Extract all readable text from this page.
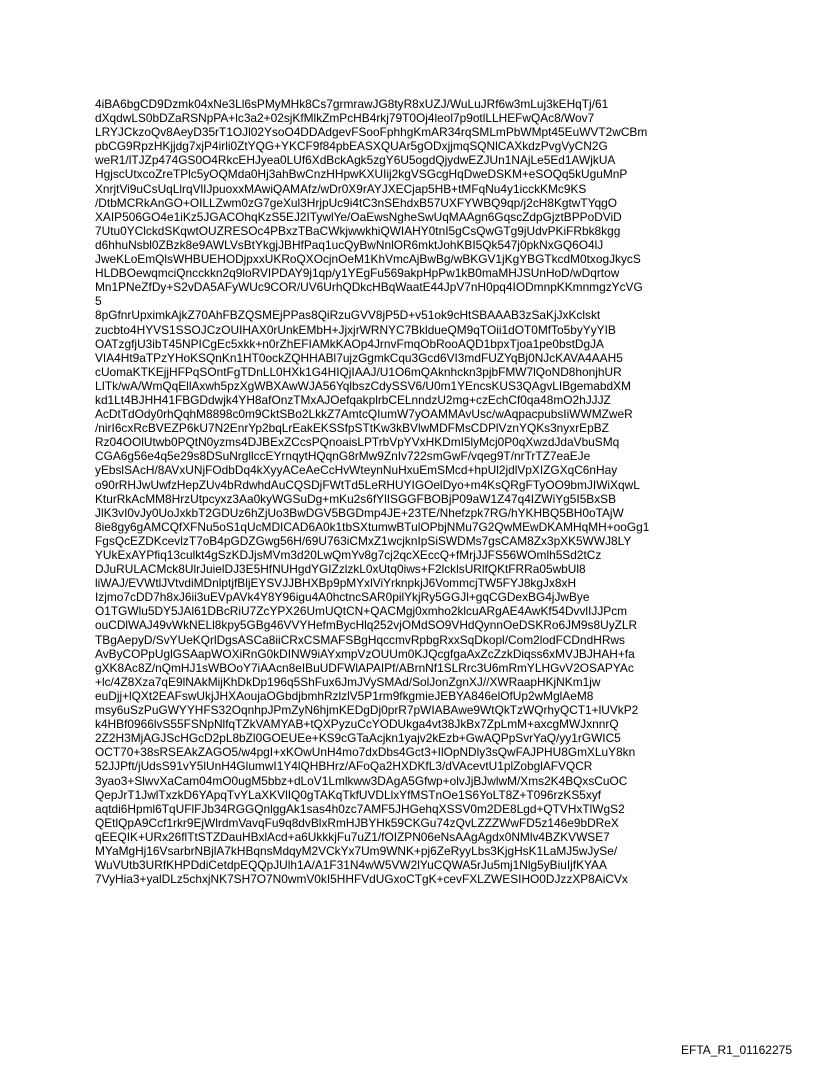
4iBA6bgCD9Dzmk04xNe3Ll6sPMyMHk8Cs7grmrawJG8tyR8xUZJ/WuLuJRf6w3mLuj3kEHqTj/61
dXqdwLS0bDZaRSNpPA+lc3a2+02sjKfMlkZmPcHB4rkj79T0Oj4leol7p9otlLLHEFwQAc8/Wov7
LRYJCkzoQv8AeyD35rT1OJl02YsoO4DDAdgevFSooFphhgKmAR34rqSMLmPbWMpt45EuWVT2wCBm
pbCG9RpzHKjjdg7xjP4irli0ZtYQG+YKCF9f84pbEASXQUAr5gODxjjmqSQNlCAXkdzPvgVyCN2G
weR1/lTJZp474GS0O4RkcEHJyea0LUf6XdBckAgk5zgY6U5ogdQjydwEZJUn1NAjLe5Ed1AWjkUA
HgjscUtxcoZreTPlc5yOQMda0Hj3ahBwCnzHHpwKXUIij2kgVSGcgHqDweDSKM+eSOQq5kUguMnP
XnrjtVi9uCsUqLlrqVlIJpuoxxMAwiQAMAfz/wDr0X9rAYJXECjap5HB+tMFqNu4y1icckKMc9KS
/DtbMCRkAnGO+OILLZwm0zG7geXul3HrjpUc9i4tC3nSEhdxB57UXFYWBQ9qp/j2cH8KgtwTYqgO
XAIP506GO4e1iKz5JGACOhqKzS5EJ2ITywlYe/OaEwsNgheSwUqMAAgn6GqscZdpGjztBPPoDViD
7Utu0YClckdSKqwtOUZRESOc4PBxzTBaCWkjwwkhiQWIAHY0tnI5gCsQwGTg9jUdvPKiFRbk8kgg
d6hhuNsbl0ZBzk8e9AWLVsBtYkgjJBHfPaq1ucQyBwNnlOR6mktJohKBI5Qk547j0pkNxGQ6O4lJ
JweKLoEmQlsWHBUEHODjpxxUKRoQXOcjnOeM1KhVmcAjBwBg/wBKGV1jKgYBGTkcdM0txogJkycS
HLDBOewqmciQncckkn2q9loRVIPDAY9j1qp/y1YEgFu569akpHpPw1kB0maMHJSUnHoD/wDqrtow
Mn1PNeZfDy+S2vDA5AFyWUc9COR/UV6UrhQDkcHBqWaatE44JpV7nH0pq4IODmnpKKmnmgzYcVG
5
8pGfnrUpximkAjkZ70AhFBZQSMEjPPas8QiRzuGVV8jP5D+v51ok9cHtSBAAAB3zSaKjJxKclskt
zucbto4HYVS1SSOJCzOUIHAX0rUnkEMbH+JjxjrWRNYC7BkldueQM9qTOii1dOT0MfTo5byYyYIB
OATzgfjU3ibT45NPICgEc5xkk+n0rZhEFIAMkKAOp4JrnvFmqObRooAQD1bpxTjoa1pe0bstDgJA
VIA4Ht9aTPzYHoKSQnKn1HT0ockZQHHABl7ujzGgmkCqu3Gcd6VI3mdFUZYqBj0NJcKAVA4AAH5
cUomaKTKEjjHFPqSOntFgTDnLL0HXk1G4HIQjIAAJ/U1O6mQAknhckn3pjbFMW7lQoND8honjhUR
LITk/wA/WmQqEllAxwh5pzXgWBXAwWJA56YqlbszCdySSV6/U0m1YEncsKUS3QAgvLIBgemabdXM
kd1Lt4BJHH41FBGDdwjk4YH8afOnzTMxAJOefqakplrbCELnndzU2mg+czEchCf0qa48mO2hJJJZ
AcDtTdOdy0rhQqhM8898c0m9CktSBo2LkkZ7AmtcQIumW7yOAMMAvUsc/wAqpacpubsIiWWMZweR
/nirI6cxRcBVEZP6kU7N2EnrYp2bqLrEakEKSSfpSTtKw3kBVlwMDFMsCDPlVznYQKs3nyxrEpBZ
Rz04OOlUtwb0PQtN0yzms4DJBExZCcsPQnoaisLPTrbVpYVxHKDmI5lyMcj0P0qXwzdJdaVbuSMq
CGA6g56e4q5e29s8DSuNrgllccEYrnqytHQqnG8rMw9ZnIv722smGwF/vqeg9T/nrTrTZ7eaEJe
yEbslSAcH/8AVxUNjFOdbDq4kXyyACeAeCcHvWteynNuHxuEmSMcd+hpUl2jdlVpXIZGXqC6nHay
o90rRHJwUwfzHepZUv4bRdwhdAuCQSDjFWtTd5LeRHUYIGOelDyo+m4KsQRgFTyOO9bmJIWiXqwL
KturRkAcMM8HrzUtpcyxz3Aa0kyWGSuDg+mKu2s6fYlISGGFBOBjP09aW1Z47q4IZWiYg5I5BxSB
JlK3vI0vJy0UoJxkbT2GDUz6hZjUo3BwDGV5BGDmp4JE+23TE/Nhefzpk7RG/hYKHBQ5BH0oTAjW
8ie8gy6gAMCQfXFNu5oS1qUcMDICAD6A0k1tbSXtumwBTulOPbjNMu7G2QwMEwDKAMHqMH+ooGg1
FgsQcEZDKcevlzT7oB4pGDZGwg56H/69U763iCMxZ1wcjknIpSiSWDMs7gsCAM8Zx3pXK5WWJ8LY
YUkExAYPfiq13culkt4gSzKDJjsMVm3d20LwQmYv8g7cj2qcXEccQ+fMrjJJFS56WOmlh5Sd2tCz
DJuRULACMck8UlrJuielDJ3E5HfNUHgdYGIZzlzkL0xUtq0iws+F2lcklsURlfQKtFRRa05wbUl8
liWAJ/EVWtlJVtvdiMDnlptjfBljEYSVJJBHXBp9pMYxlViYrknpkjJ6VommcjTW5FYJ8kgJx8xH
Izjmo7cDD7h8xJ6ii3uEVpAVk4Y8Y96igu4A0hctncSAR0pilYkjRy5GGJl+gqCGDexBG4jJwBye
O1TGWlu5DY5JAl61DBcRiU7ZcYPX26UmUQtCN+QACMgj0xmho2klcuARgAE4AwKf54DvvlIJJPcm
ouCDlWAJ49vWkNELl8kpy5GBg46VVYHefmBycHlq252vjOMdSO9VHdQynnOeDSKRo6JM9s8UyZLR
TBgAepyD/SvYUeKQrlDgsASCa8iiCRxCSMAFSBgHqccmvRpbgRxxSqDkopl/Com2lodFCDndHRws
AvByCOPpUglGSAapWOXiRnG0kDINW9iAYxmpVzOUUm0KJQcgfgaAxZcZzkDiqss6xMVJBJHAH+fa
gXK8Ac8Z/nQmHJ1sWBOoY7iAAcn8eIBuUDFWlAPAIPf/ABrnNf1SLRrc3U6mRmYLHGvV2OSAPYAc
+lc/4Z8Xza7qE9lNAkMijKhDkDp196q5ShFux6JmJVySMAd/SolJonZgnXJ//XWRaapHKjNKm1jw
euDjj+lQXt2EAFswUkjJHXAoujaOGbdjbmhRzlzlV5P1rm9fkgmieJEBYA846elOfUp2wMglAeM8
msy6uSzPuGWYYHFS32OqnhpJPmZyN6hjmKEDgDj0prR7pWIABAwe9WtQkTzWQrhyQCT1+lUVkP2
k4HBf0966lvS55FSNpNlfqTZkVAMYAB+tQXPyzuCcYODUkga4vt38JkBx7ZpLmM+axcgMWJxnnrQ
2Z2H3MjAGJScHGcD2pL8bZl0GOEUEe+KS9cGTaAcjkn1yajv2kEzb+GwAQPpSvrYaQ/yy1rGWIC5
OCT70+38sRSEAkZAGO5/w4pgI+xKOwUnH4mo7dxDbs4Gct3+IlOpNDly3sQwFAJPHU8GmXLuY8kn
52JJPft/jUdsS91vY5lUnH4GlumwI1Y4lQHBHrz/AFoQa2HXDKfL3/dVAcevtU1plZobglAFVQCR
3yao3+SlwvXaCam04mO0ugM5bbz+dLoV1Lmlkww3DAgA5Gfwp+olvJjBJwlwM/Xms2K4BQxsCuOC
QepJrT1JwlTxzkD6YApqTvYLaXKVlIQ0gTAKqTkfUVDLlxYfMSTnOe1S6YoLT8Z+T096rzKS5xyf
aqtdi6Hpml6TqUFlFJb34RGGQnlggAk1sas4h0zc7AMF5JHGehqXSSV0m2DE8Lgd+QTVHxTlWgS2
QEtlQpA9Ccf1rkr9EjWlrdmVavqFu9q8dvBlxRmHJBYHk59CKGu74zQvLZZZWwFD5z146e9bDReX
qEEQIK+URx26flTtSTZDauHBxlAcd+a6UkkkjFu7uZ1/fOIZPN06eNsAAgAgdx0NMlv4BZKVWSE7
MYaMgHj16VsarbrNBjlA7kHBqnsMdqyM2VCkYx7Um9WNK+pj6ZeRyyLbs3KjgHsK1LaMJ5wJySe/
WuVUtb3URfKHPDdiCetdpEQQpJUlh1A/A1F31N4wW5VW2lYuCQWA5rJu5mj1Nlg5yBiuIjfKYAA
7VyHia3+yalDLz5chxjNK7SH7O7N0wmV0kI5HHFVdUGxoCTgK+cevFXLZWESIHO0DJzzXP8AiCVx
EFTA_R1_01162275
